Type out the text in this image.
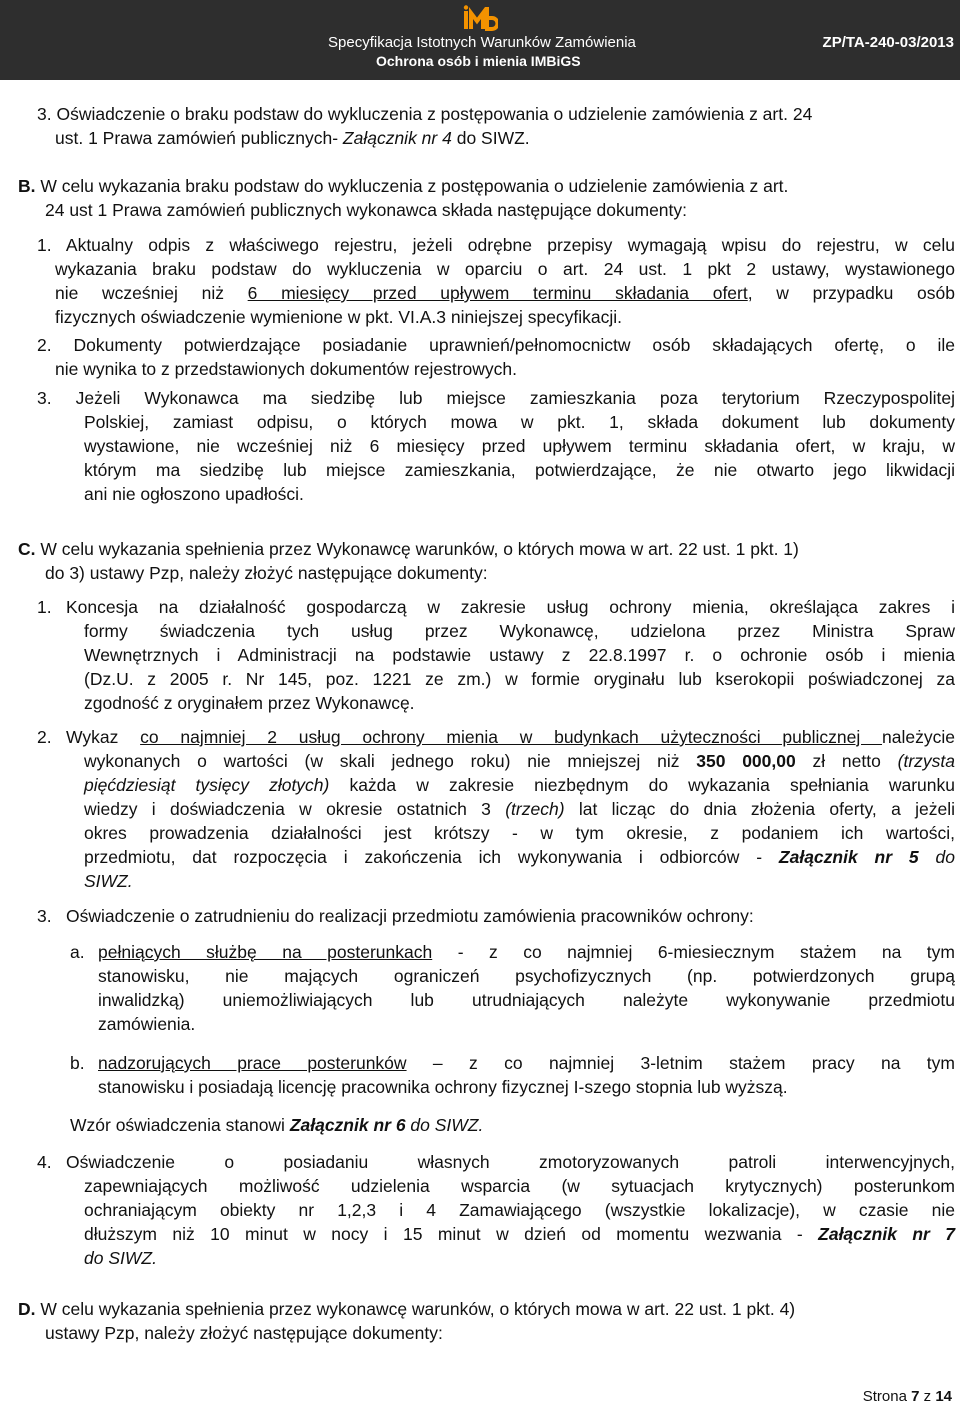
Specyfikacja Istotnych Warunków Zamówienia
Ochrona osób i mienia IMBiGS
ZP/TA-240-03/2013
3. Oświadczenie o braku podstaw do wykluczenia z postępowania o udzielenie zamówienia z art. 24
ust. 1 Prawa zamówień publicznych- Załącznik nr 4 do SIWZ.
B. W celu wykazania braku podstaw do wykluczenia z postępowania o udzielenie zamówienia z art.
24 ust 1 Prawa zamówień publicznych wykonawca składa następujące dokumenty:
1. Aktualny odpis z właściwego rejestru, jeżeli odrębne przepisy wymagają wpisu do rejestru, w celu
wykazania braku podstaw do wykluczenia w oparciu o art. 24 ust. 1 pkt 2 ustawy, wystawionego
nie wcześniej niż 6 miesięcy przed upływem terminu składania ofert, w przypadku osób
fizycznych oświadczenie wymienione w pkt. VI.A.3 niniejszej specyfikacji.
2. Dokumenty potwierdzające posiadanie uprawnień/pełnomocnictw osób składających ofertę, o ile
nie wynika to z przedstawionych dokumentów rejestrowych.
3. Jeżeli Wykonawca ma siedzibę lub miejsce zamieszkania poza terytorium Rzeczypospolitej
Polskiej, zamiast odpisu, o których mowa w pkt. 1, składa dokument lub dokumenty
wystawione, nie wcześniej niż 6 miesięcy przed upływem terminu składania ofert, w kraju, w
którym ma siedzibę lub miejsce zamieszkania, potwierdzające, że nie otwarto jego likwidacji
ani nie ogłoszono upadłości.
C. W celu wykazania spełnienia przez Wykonawcę warunków, o których mowa w art. 22 ust. 1 pkt. 1)
do 3) ustawy Pzp, należy złożyć następujące dokumenty:
1. Koncesja na działalność gospodarczą w zakresie usług ochrony mienia, określająca zakres i
formy świadczenia tych usług przez Wykonawcę, udzielona przez Ministra Spraw
Wewnętrznych i Administracji na podstawie ustawy z 22.8.1997 r. o ochronie osób i mienia
(Dz.U. z 2005 r. Nr 145, poz. 1221 ze zm.) w formie oryginału lub kserokopii poświadczonej za
zgodność z oryginałem przez Wykonawcę.
2. Wykaz co najmniej 2 usług ochrony mienia w budynkach użyteczności publicznej należycie
wykonanych o wartości (w skali jednego roku) nie mniejszej niż 350 000,00 zł netto (trzysta
pięćdziesiąt tysięcy złotych) każda w zakresie niezbędnym do wykazania spełniania warunku
wiedzy i doświadczenia w okresie ostatnich 3 (trzech) lat licząc do dnia złożenia oferty, a jeżeli
okres prowadzenia działalności jest krótszy - w tym okresie, z podaniem ich wartości,
przedmiotu, dat rozpoczęcia i zakończenia ich wykonywania i odbiorców - Załącznik nr 5 do
SIWZ.
3. Oświadczenie o zatrudnieniu do realizacji przedmiotu zamówienia pracowników ochrony:
a. pełniących służbę na posterunkach - z co najmniej 6-miesiecznym stażem na tym
stanowisku, nie mających ograniczeń psychofizycznych (np. potwierdzonych grupą
inwalidzką) uniemożliwiających lub utrudniających należyte wykonywanie przedmiotu
zamówienia.
b. nadzorujących prace posterunków – z co najmniej 3-letnim stażem pracy na tym
stanowisku i posiadają licencję pracownika ochrony fizycznej I-szego stopnia lub wyższą.
Wzór oświadczenia stanowi Załącznik nr 6 do SIWZ.
4. Oświadczenie o posiadaniu własnych zmotoryzowanych patroli interwencyjnych,
zapewniających możliwość udzielenia wsparcia (w sytuacjach krytycznych) posterunkom
ochraniającym obiekty nr 1,2,3 i 4 Zamawiającego (wszystkie lokalizacje), w czasie nie
dłuższym niż 10 minut w nocy i 15 minut w dzień od momentu wezwania - Załącznik nr 7
do SIWZ.
D. W celu wykazania spełnienia przez wykonawcę warunków, o których mowa w art. 22 ust. 1 pkt. 4)
ustawy Pzp, należy złożyć następujące dokumenty:
Strona 7 z 14
